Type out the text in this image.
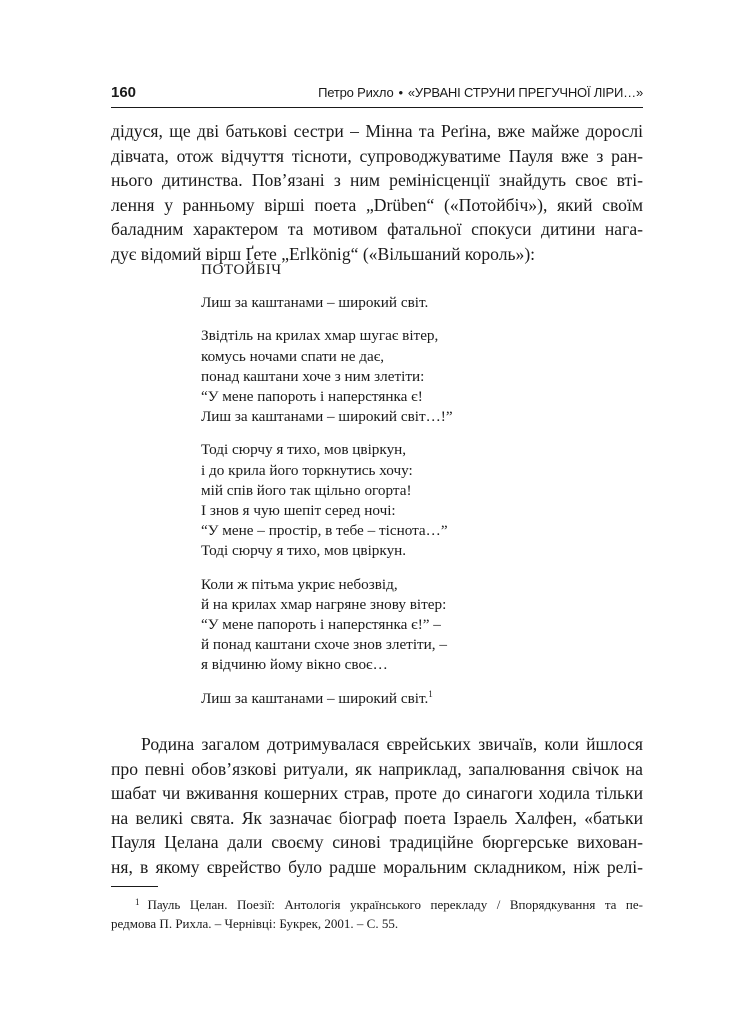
160	Петро Рихло • «УРВАНІ СТРУНИ ПРЕГУЧНОЇ ЛІРИ…»
дідуся, ще дві батькові сестри – Мінна та Реґіна, вже майже дорослі
дівчата, отож відчуття тісноти, супроводжуватиме Пауля вже з ран-
нього дитинства. Пов’язані з ним ремінісценції знайдуть своє вті-
лення у ранньому вірші поета „Drüben“ («Потойбіч»), який своїм
баладним характером та мотивом фатальної спокуси дитини нага-
дує відомий вірш Ґете „Erlkönig“ («Вільшаний король»):
ПОТОЙБІЧ
Лиш за каштанами – широкий світ.
Звідтіль на крилах хмар шугає вітер,
комусь ночами спати не дає,
понад каштани хоче з ним злетіти:
“У мене папороть і наперстянка є!
Лиш за каштанами – широкий світ…!”
Тоді сюрчу я тихо, мов цвіркун,
і до крила його торкнутись хочу:
мій спів його так щільно огорта!
І знов я чую шепіт серед ночі:
“У мене – простір, в тебе – тіснота…”
Тоді сюрчу я тихо, мов цвіркун.
Коли ж пітьма укриє небозвід,
й на крилах хмар нагряне знову вітер:
“У мене папороть і наперстянка є!” –
й понад каштани схоче знов злетіти, –
я відчиню йому вікно своє…
Лиш за каштанами – широкий світ.$^1$
Родина загалом дотримувалася єврейських звичаїв, коли йшлося
про певні обов’язкові ритуали, як наприклад, запалювання свічок на
шабат чи вживання кошерних страв, проте до синагоги ходила тільки
на великі свята. Як зазначає біограф поета Ізраель Халфен, «батьки
Пауля Целана дали своєму синові традиційне бюргерське вихован-
ня, в якому єврейство було радше моральним складником, ніж релі-
$^1$ Пауль Целан. Поезії: Антологія українського перекладу / Впорядкування та пе-
редмова П. Рихла. – Чернівці: Букрек, 2001. – С. 55.
